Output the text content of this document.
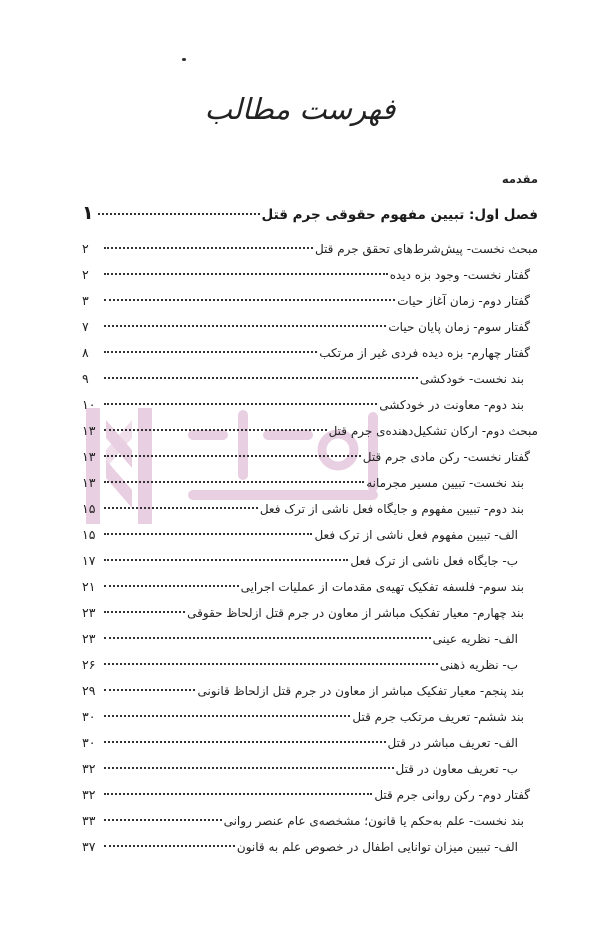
فهرست مطالب
مقدمه
فصل اول: تبیین مفهوم حقوقی جرم قتل
۱
مبحث نخست- پیش‌شرط‌های تحقق جرم قتل
۲
گفتار نخست- وجود بزه دیده
۲
گفتار دوم- زمان آغاز حیات
۳
گفتار سوم- زمان پایان حیات
۷
گفتار چهارم- بزه دیده فردی غیر از مرتکب
۸
بند نخست- خودکشی
۹
بند دوم- معاونت در خودکشی
۱۰
مبحث دوم- ارکان تشکیل‌دهنده‌ی جرم قتل
۱۳
گفتار نخست- رکن مادی جرم قتل
۱۳
بند نخست- تبیین مسیر مجرمانه
۱۳
بند دوم- تبیین مفهوم و جایگاه فعل ناشی از ترک فعل
۱۵
الف- تبیین مفهوم فعل ناشی از ترک فعل
۱۵
ب- جایگاه فعل ناشی از ترک فعل
۱۷
بند سوم- فلسفه تفکیک تهیه‌ی مقدمات از عملیات اجرایی
۲۱
بند چهارم- معیار تفکیک مباشر از معاون در جرم قتل ازلحاظ حقوقی
۲۳
الف- نظریه عینی
۲۳
ب- نظریه ذهنی
۲۶
بند پنجم- معیار تفکیک مباشر از معاون در جرم قتل ازلحاظ قانونی
۲۹
بند ششم- تعریف مرتکب جرم قتل
۳۰
الف- تعریف مباشر در قتل
۳۰
ب- تعریف معاون در قتل
۳۲
گفتار دوم- رکن روانی جرم قتل
۳۲
بند نخست- علم به‌حکم یا قانون؛ مشخصه‌ی عام عنصر روانی
۳۳
الف- تبیین میزان توانایی اطفال در خصوص علم به قانون
۳۷
